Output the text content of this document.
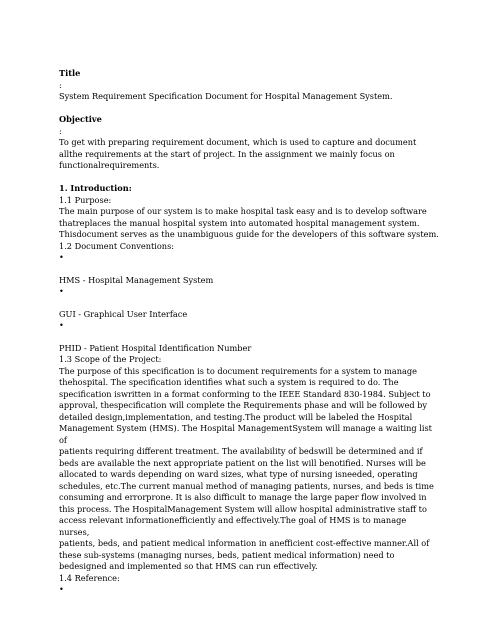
Title

:

System Requirement Specification Document for Hospital Management System.

Objective

:

To get with preparing requirement document, which is used to capture and document

allthe requirements at the start of project. In the assignment we mainly focus on

functionalrequirements.

1. Introduction:

1.1 Purpose:

The main purpose of our system is to make hospital task easy and is to develop software

thatreplaces the manual hospital system into automated hospital management system.

Thisdocument serves as the unambiguous guide for the developers of this software system.

1.2 Document Conventions:

•

HMS - Hospital Management System

•

GUI - Graphical User Interface

•

PHID - Patient Hospital Identification Number

1.3 Scope of the Project:

The purpose of this specification is to document requirements for a system to manage

thehospital. The specification identifies what such a system is required to do. The

specification iswritten in a format conforming to the IEEE Standard 830-1984. Subject to

approval, thespecification will complete the Requirements phase and will be followed by

detailed design,implementation, and testing.The product will be labeled the Hospital

Management System (HMS). The Hospital ManagementSystem will manage a waiting list of

patients requiring different treatment. The availability of bedswill be determined and if

beds are available the next appropriate patient on the list will benotified. Nurses will be

allocated to wards depending on ward sizes, what type of nursing isneeded, operating

schedules, etc.The current manual method of managing patients, nurses, and beds is time

consuming and errorprone. It is also difficult to manage the large paper flow involved in

this process. The HospitalManagement System will allow hospital administrative staff to

access relevant informationefficiently and effectively.The goal of HMS is to manage nurses,

patients, beds, and patient medical information in anefficient cost-effective manner.All of

these sub-systems (managing nurses, beds, patient medical information) need to

bedesigned and implemented so that HMS can run effectively.

1.4 Reference:

•
